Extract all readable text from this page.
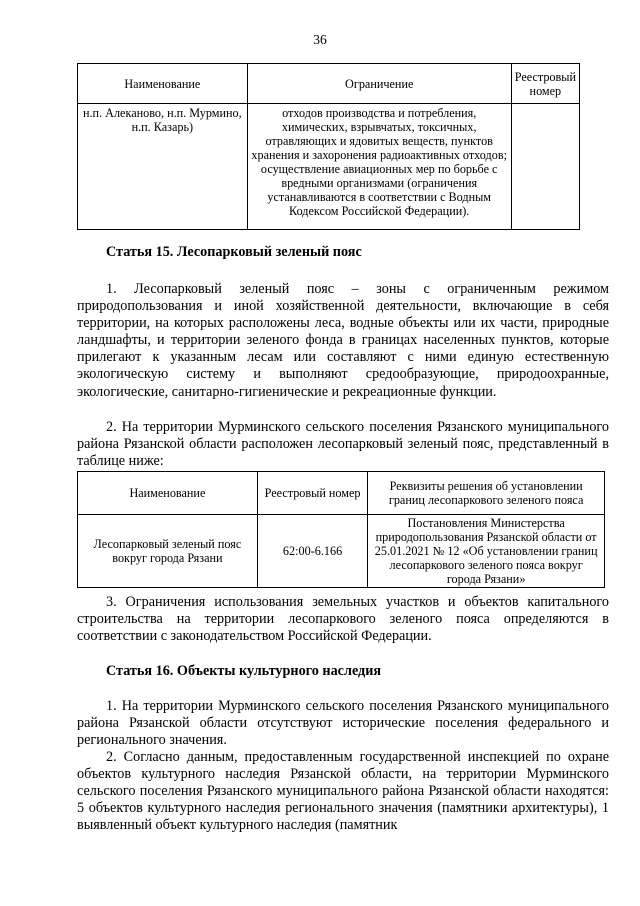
36
Наименование	Ограничение	Реестровый номер
н.п. Алеканово, н.п. Мурмино, н.п. Казарь)	отходов производства и потребления, химических, взрывчатых, токсичных, отравляющих и ядовитых веществ, пунктов хранения и захоронения радиоактивных отходов; осуществление авиационных мер по борьбе с вредными организмами (ограничения устанавливаются в соответствии с Водным Кодексом Российской Федерации).	
Статья 15. Лесопарковый зеленый пояс
1. Лесопарковый зеленый пояс – зоны с ограниченным режимом природопользования и иной хозяйственной деятельности, включающие в себя территории, на которых расположены леса, водные объекты или их части, природные ландшафты, и территории зеленого фонда в границах населенных пунктов, которые прилегают к указанным лесам или составляют с ними единую естественную экологическую систему и выполняют средообразующие, природоохранные, экологические, санитарно-гигиенические и рекреационные функции.
2. На территории Мурминского сельского поселения Рязанского муниципального района Рязанской области расположен лесопарковый зеленый пояс, представленный в таблице ниже:
Наименование	Реестровый номер	Реквизиты решения об установлении границ лесопаркового зеленого пояса
Лесопарковый зеленый пояс вокруг города Рязани	62:00-6.166	Постановления Министерства природопользования Рязанской области от 25.01.2021 № 12 «Об установлении границ лесопаркового зеленого пояса вокруг города Рязани»
3. Ограничения использования земельных участков и объектов капитального строительства на территории лесопаркового зеленого пояса определяются в соответствии с законодательством Российской Федерации.
Статья 16. Объекты культурного наследия
1. На территории Мурминского сельского поселения Рязанского муниципального района Рязанской области отсутствуют исторические поселения федерального и регионального значения.
2. Согласно данным, предоставленным государственной инспекцией по охране объектов культурного наследия Рязанской области, на территории Мурминского сельского поселения Рязанского муниципального района Рязанской области находятся: 5 объектов культурного наследия регионального значения (памятники архитектуры), 1 выявленный объект культурного наследия (памятник
